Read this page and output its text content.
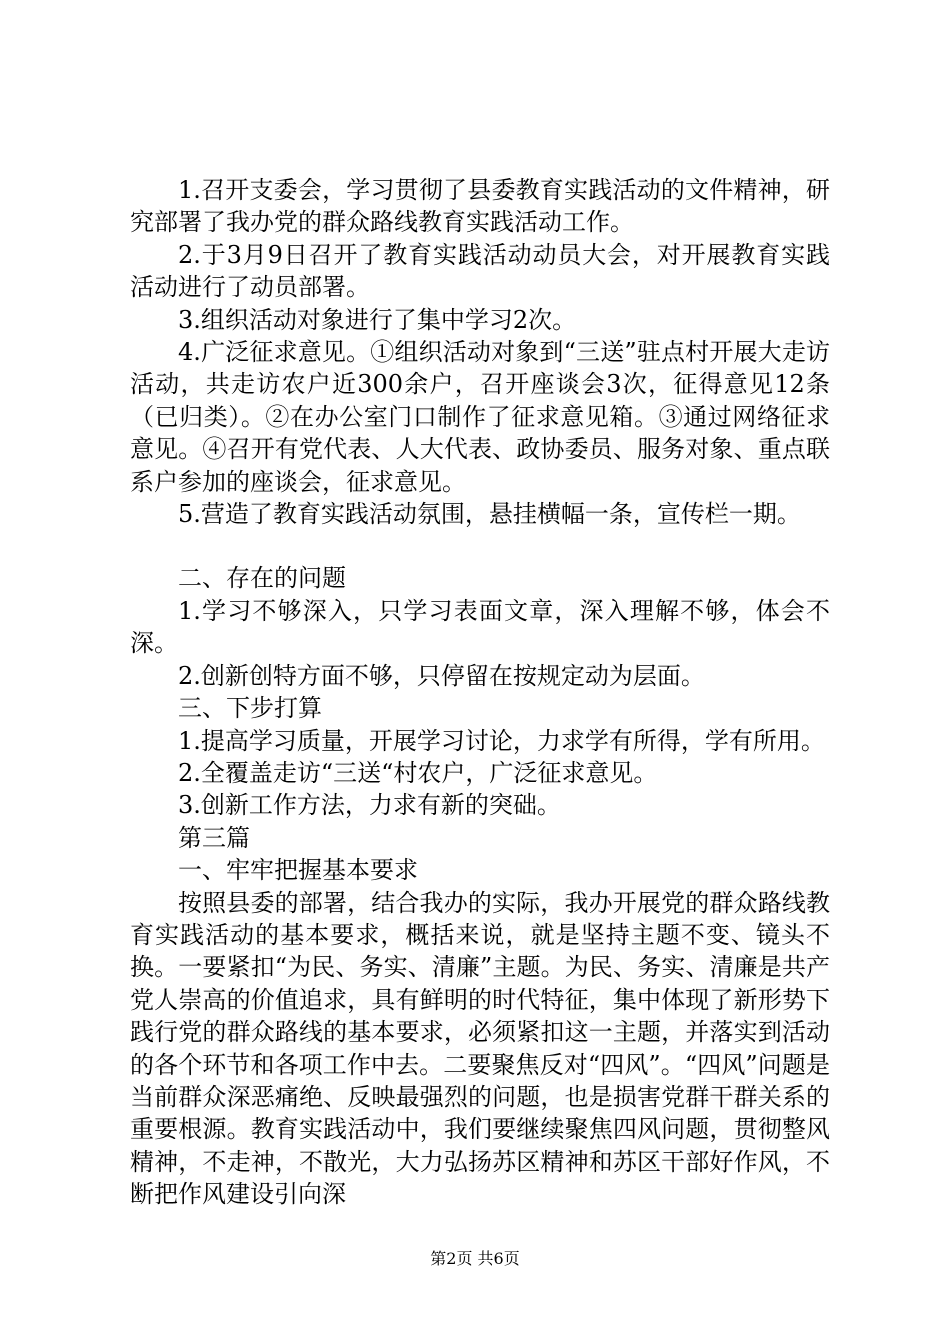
1.召开支委会，学习贯彻了县委教育实践活动的文件精神，研究部署了我办党的群众路线教育实践活动工作。

2.于3月9日召开了教育实践活动动员大会，对开展教育实践活动进行了动员部署。

3.组织活动对象进行了集中学习2次。

4.广泛征求意见。①组织活动对象到“三送”驻点村开展大走访活动，共走访农户近300余户，召开座谈会3次，征得意见12条（已归类）。②在办公室门口制作了征求意见箱。③通过网络征求意见。④召开有党代表、人大代表、政协委员、服务对象、重点联系户参加的座谈会，征求意见。

5.营造了教育实践活动氛围，悬挂横幅一条，宣传栏一期。

二、存在的问题

1.学习不够深入，只学习表面文章，深入理解不够，体会不深。

2.创新创特方面不够，只停留在按规定动为层面。

三、下步打算

1.提高学习质量，开展学习讨论，力求学有所得，学有所用。

2.全覆盖走访“三送“村农户，广泛征求意见。

3.创新工作方法，力求有新的突础。

第三篇

一、牢牢把握基本要求

按照县委的部署，结合我办的实际，我办开展党的群众路线教育实践活动的基本要求，概括来说，就是坚持主题不变、镜头不换。一要紧扣“为民、务实、清廉”主题。为民、务实、清廉是共产党人崇高的价值追求，具有鲜明的时代特征，集中体现了新形势下践行党的群众路线的基本要求，必须紧扣这一主题，并落实到活动的各个环节和各项工作中去。二要聚焦反对“四风”。“四风”问题是当前群众深恶痛绝、反映最强烈的问题，也是损害党群干群关系的重要根源。教育实践活动中，我们要继续聚焦四风问题，贯彻整风精神，不走神，不散光，大力弘扬苏区精神和苏区干部好作风，不断把作风建设引向深

第2页 共6页
